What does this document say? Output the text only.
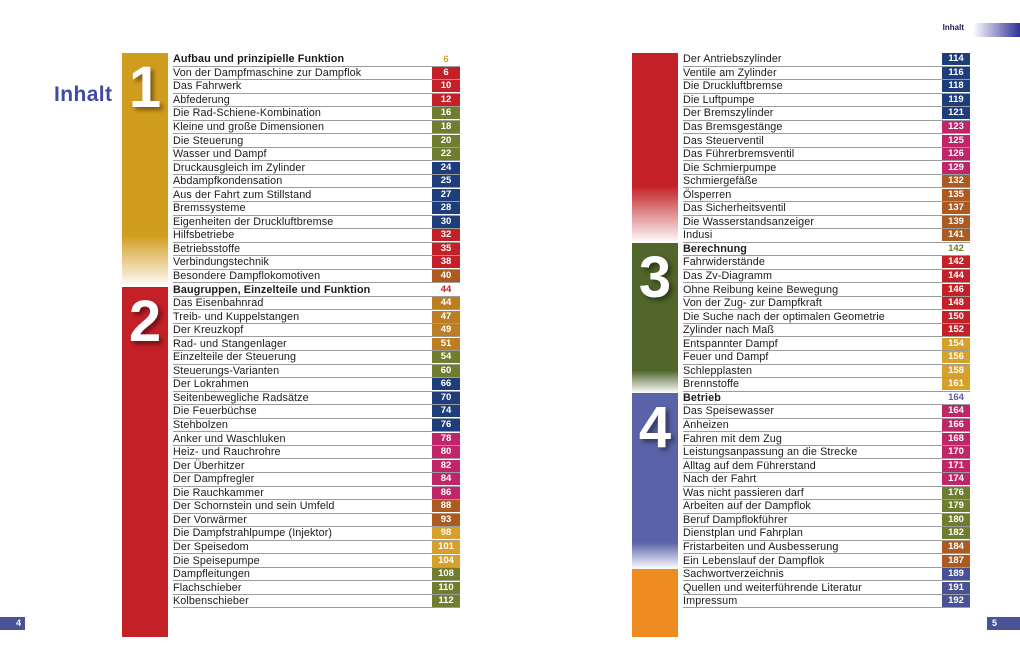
Inhalt
Inhalt 1
2
3
4
Aufbau und prinzipielle Funktion	6
Von der Dampfmaschine zur Dampflok	6
Das Fahrwerk	10
Abfederung	12
Die Rad-Schiene-Kombination	16
Kleine und große Dimensionen	18
Die Steuerung	20
Wasser und Dampf	22
Druckausgleich im Zylinder	24
Abdampfkondensation	25
Aus der Fahrt zum Stillstand	27
Bremssysteme	28
Eigenheiten der Druckluftbremse	30
Hilfsbetriebe	32
Betriebsstoffe	35
Verbindungstechnik	38
Besondere Dampflokomotiven	40
Baugruppen, Einzelteile und Funktion	44
Das Eisenbahnrad	44
Treib- und Kuppelstangen	47
Der Kreuzkopf	49
Rad- und Stangenlager	51
Einzelteile der Steuerung	54
Steuerungs-Varianten	60
Der Lokrahmen	66
Seitenbewegliche Radsätze	70
Die Feuerbüchse	74
Stehbolzen	76
Anker und Waschluken	78
Heiz- und Rauchrohre	80
Der Überhitzer	82
Der Dampfregler	84
Die Rauchkammer	86
Der Schornstein und sein Umfeld	88
Der Vorwärmer	93
Die Dampfstrahlpumpe (Injektor)	98
Der Speisedom	101
Die Speisepumpe	104
Dampfleitungen	108
Flachschieber	110
Kolbenschieber	112
Der Antriebszylinder	114
Ventile am Zylinder	116
Die Druckluftbremse	118
Die Luftpumpe	119
Der Bremszylinder	121
Das Bremsgestänge	123
Das Steuerventil	125
Das Führerbremsventil	126
Die Schmierpumpe	129
Schmiergefäße	132
Ölsperren	135
Das Sicherheitsventil	137
Die Wasserstandsanzeiger	139
Indusi	141
Berechnung	142
Fahrwiderstände	142
Das Zv-Diagramm	144
Ohne Reibung keine Bewegung	146
Von der Zug- zur Dampfkraft	148
Die Suche nach der optimalen Geometrie	150
Zylinder nach Maß	152
Entspannter Dampf	154
Feuer und Dampf	156
Schlepplasten	158
Brennstoffe	161
Betrieb	164
Das Speisewasser	164
Anheizen	166
Fahren mit dem Zug	168
Leistungsanpassung an die Strecke	170
Alltag auf dem Führerstand	171
Nach der Fahrt	174
Was nicht passieren darf	176
Arbeiten auf der Dampflok	179
Beruf Dampflokführer	180
Dienstplan und Fahrplan	182
Fristarbeiten und Ausbesserung	184
Ein Lebenslauf der Dampflok	187
Sachwortverzeichnis	189
Quellen und weiterführende Literatur	191
Impressum	192
4	5
